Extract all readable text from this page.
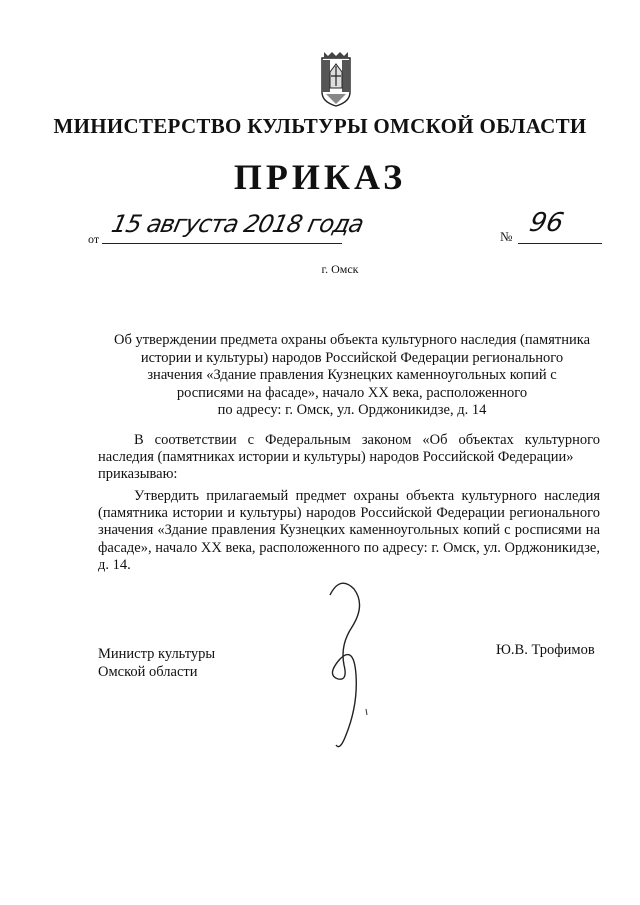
МИНИСТЕРСТВО КУЛЬТУРЫ ОМСКОЙ ОБЛАСТИ
ПРИКАЗ
от
15 августа 2018 года	№ 96
г. Омск
Об утверждении предмета охраны объекта культурного наследия (памятника
истории и культуры) народов Российской Федерации регионального
значения «Здание правления Кузнецких каменноугольных копий с
росписями на фасаде», начало XX века, расположенного
по адресу: г. Омск, ул. Орджоникидзе, д. 14
В соответствии с Федеральным законом «Об объектах культурного наследия (памятниках истории и культуры) народов Российской Федерации»
приказываю:
Утвердить прилагаемый предмет охраны объекта культурного наследия (памятника истории и культуры) народов Российской Федерации регионального значения «Здание правления Кузнецких каменноугольных копий с росписями на фасаде», начало XX века, расположенного по адресу: г. Омск, ул. Орджоникидзе, д. 14.
Министр культуры
Омской области
Ю.В. Трофимов
